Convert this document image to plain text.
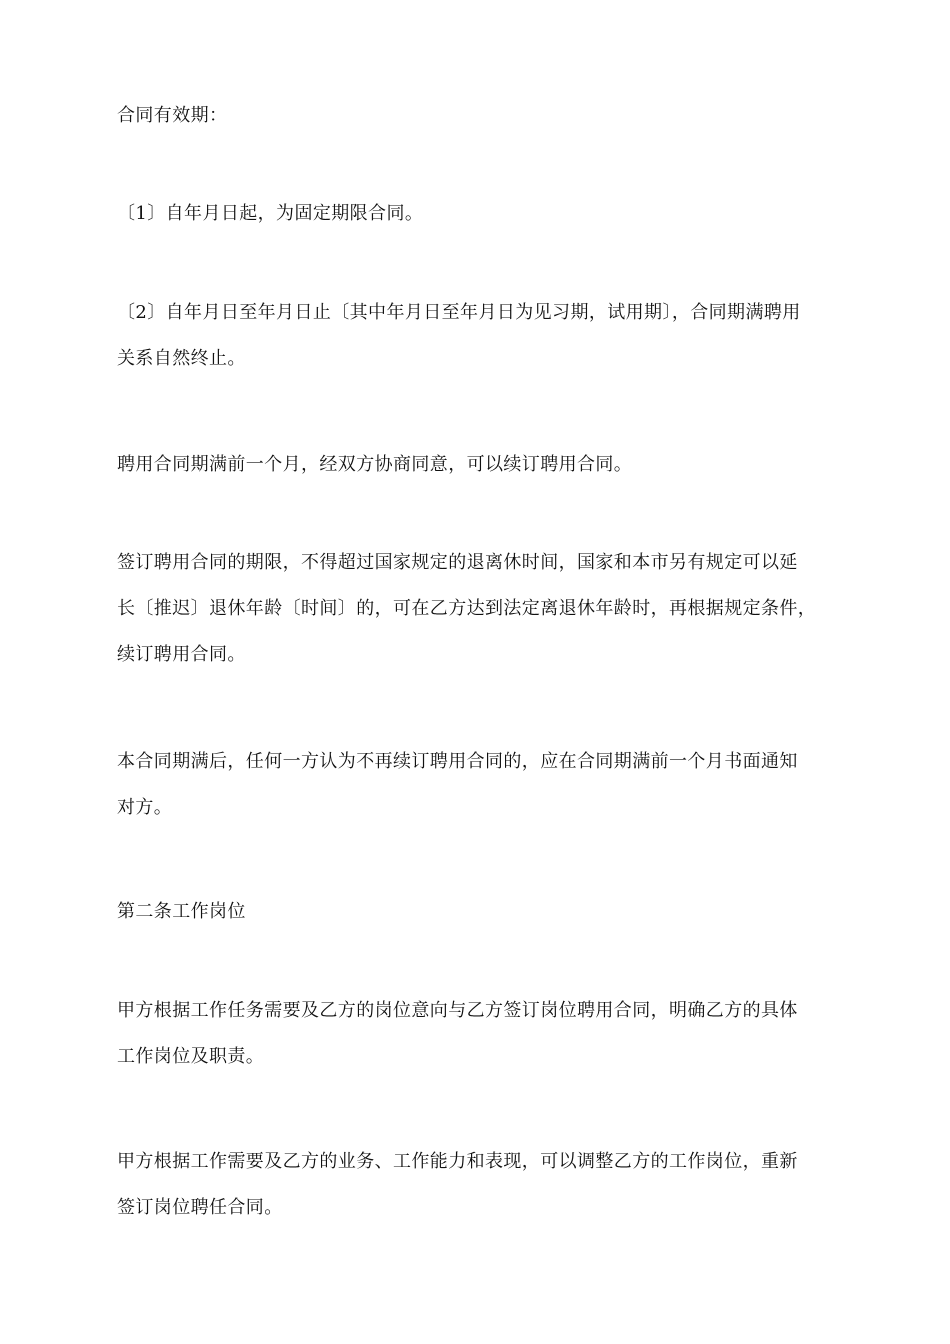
合同有效期：

〔1〕自年月日起，为固定期限合同。

〔2〕自年月日至年月日止〔其中年月日至年月日为见习期，试用期〕，合同期满聘用
关系自然终止。

聘用合同期满前一个月，经双方协商同意，可以续订聘用合同。

签订聘用合同的期限，不得超过国家规定的退离休时间，国家和本市另有规定可以延
长〔推迟〕退休年龄〔时间〕的，可在乙方达到法定离退休年龄时，再根据规定条件，
续订聘用合同。

本合同期满后，任何一方认为不再续订聘用合同的，应在合同期满前一个月书面通知
对方。

第二条工作岗位

甲方根据工作任务需要及乙方的岗位意向与乙方签订岗位聘用合同，明确乙方的具体
工作岗位及职责。

甲方根据工作需要及乙方的业务、工作能力和表现，可以调整乙方的工作岗位，重新
签订岗位聘任合同。
